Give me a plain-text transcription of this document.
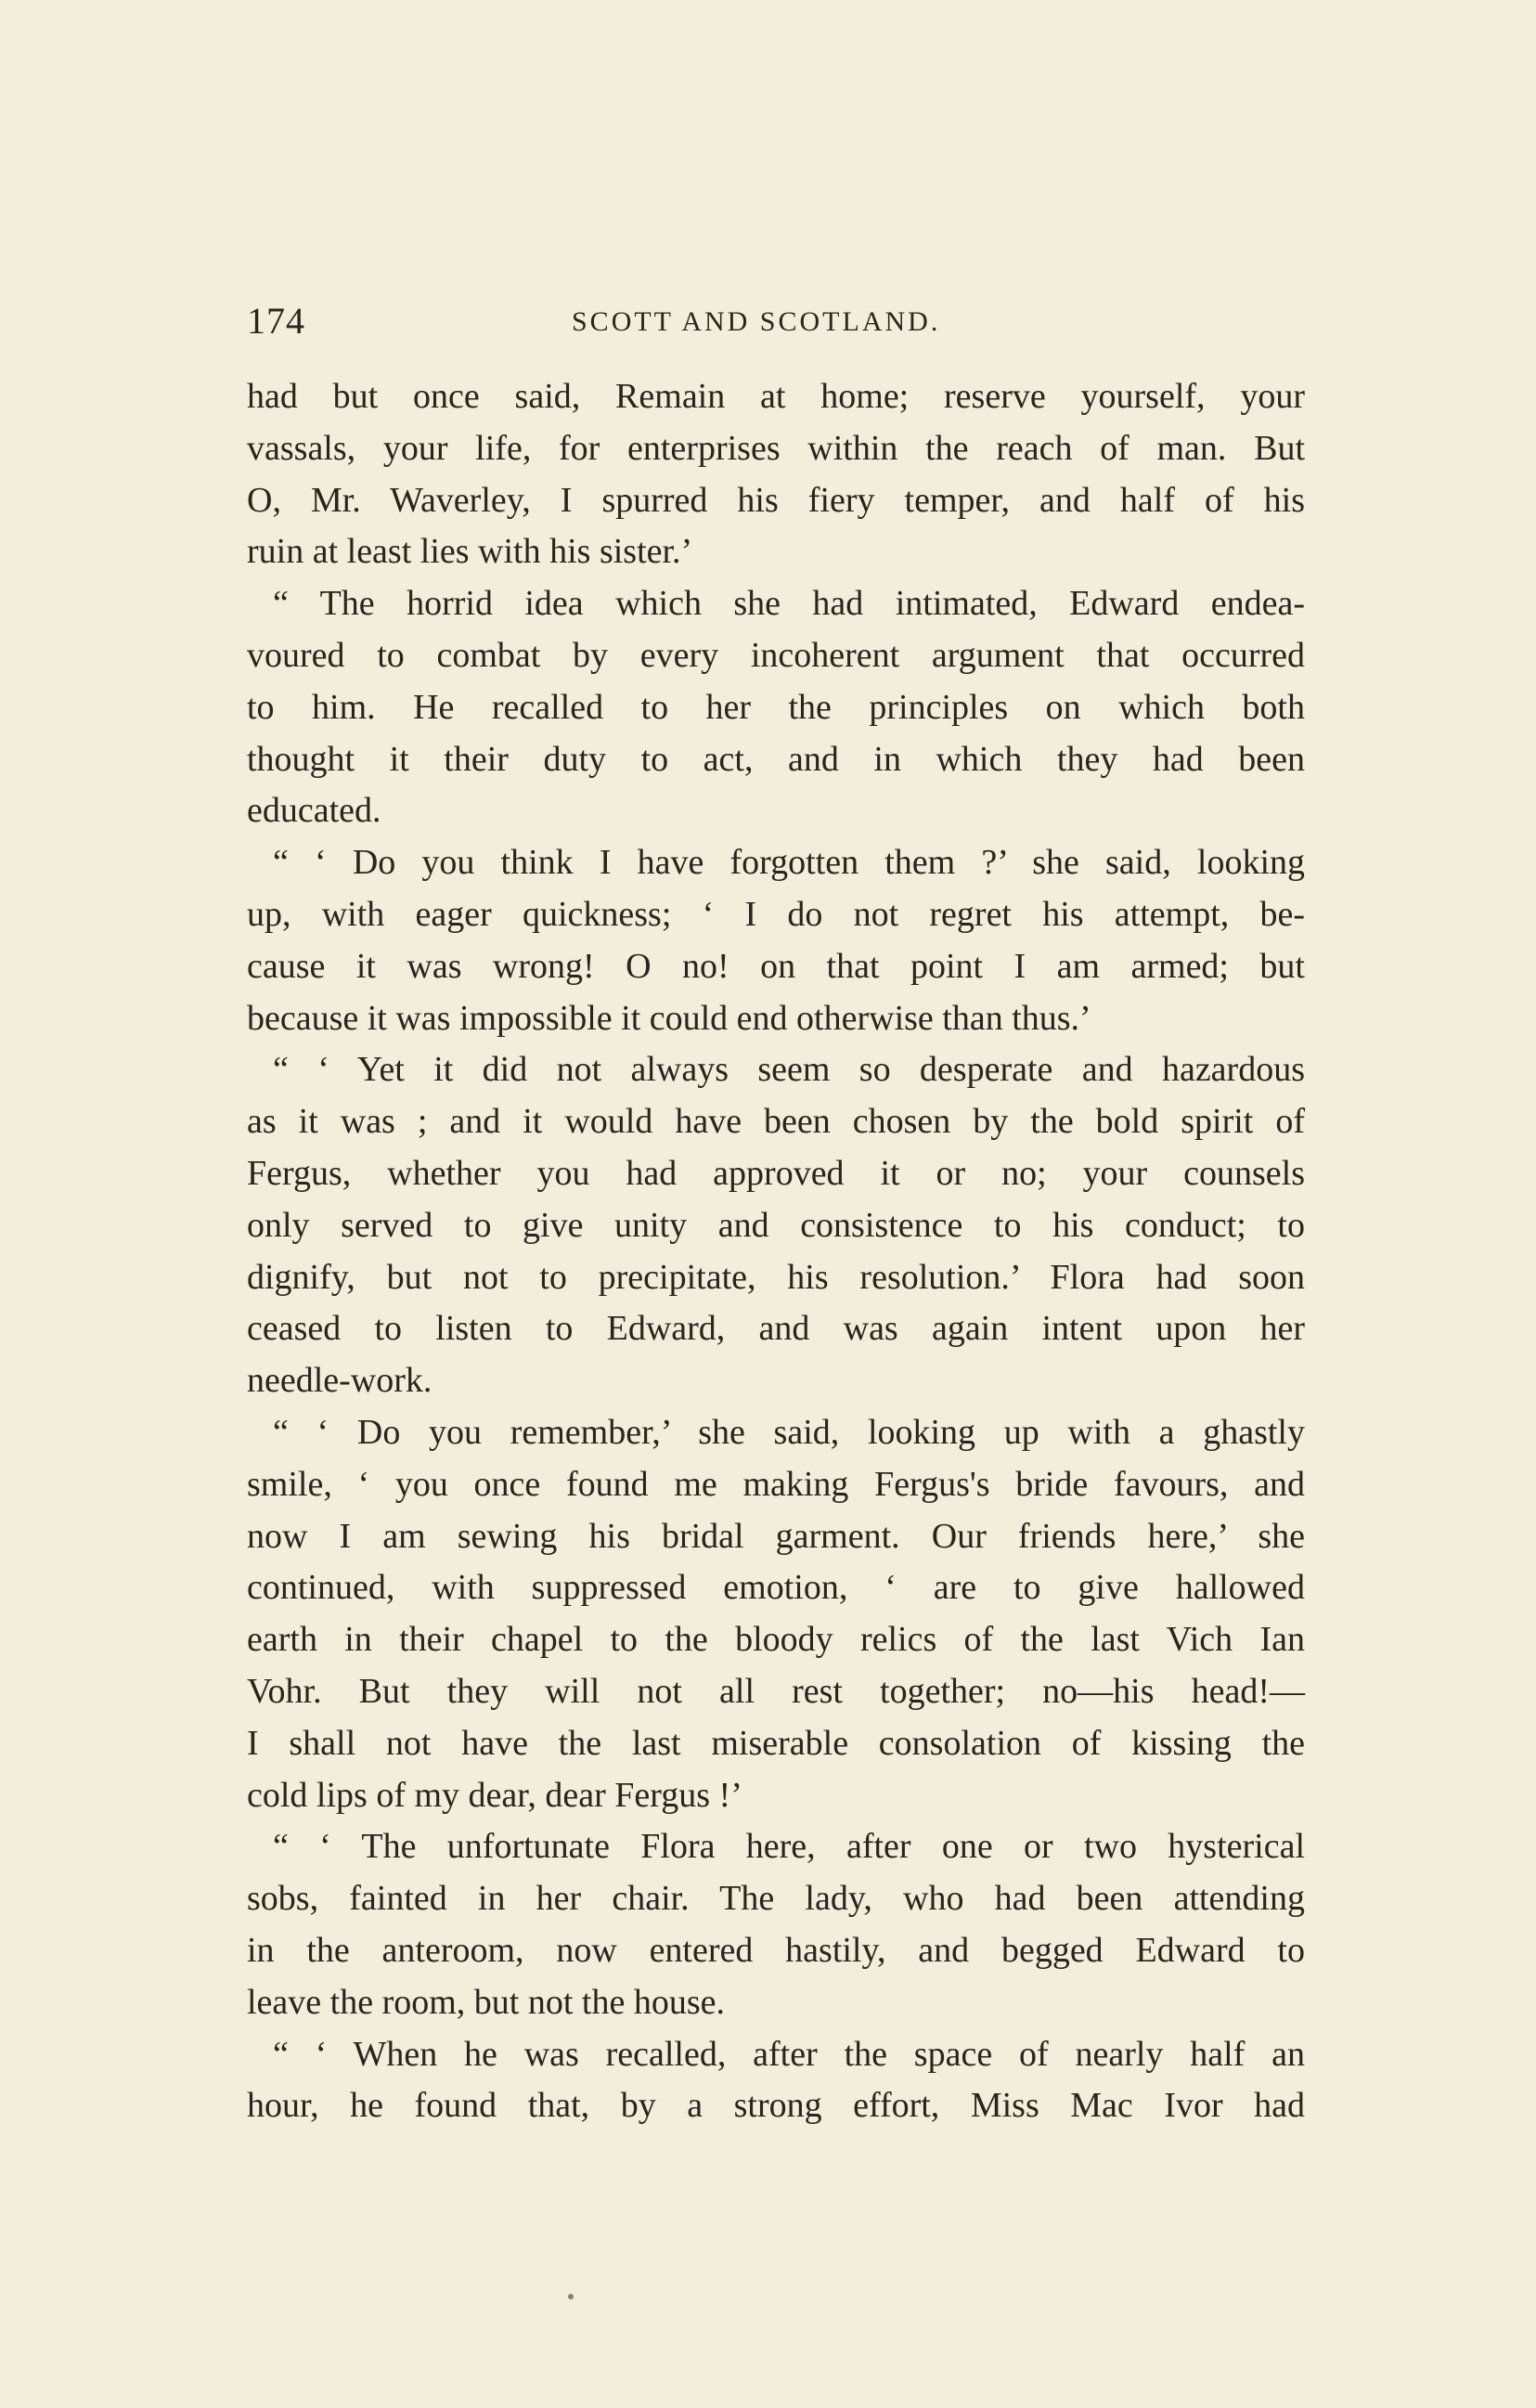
174	SCOTT AND SCOTLAND.
had but once said, Remain at home; reserve yourself, your
vassals, your life, for enterprises within the reach of man. But
O, Mr. Waverley, I spurred his fiery temper, and half of his
ruin at least lies with his sister.’
“ The horrid idea which she had intimated, Edward endea-
voured to combat by every incoherent argument that occurred
to him. He recalled to her the principles on which both
thought it their duty to act, and in which they had been
educated.
“ ‘ Do you think I have forgotten them ?’ she said, looking
up, with eager quickness; ‘ I do not regret his attempt, be-
cause it was wrong! O no! on that point I am armed; but
because it was impossible it could end otherwise than thus.’
“ ‘ Yet it did not always seem so desperate and hazardous
as it was ; and it would have been chosen by the bold spirit of
Fergus, whether you had approved it or no; your counsels
only served to give unity and consistence to his conduct; to
dignify, but not to precipitate, his resolution.’ Flora had soon
ceased to listen to Edward, and was again intent upon her
needle-work.
“ ‘ Do you remember,’ she said, looking up with a ghastly
smile, ‘ you once found me making Fergus's bride favours, and
now I am sewing his bridal garment. Our friends here,’ she
continued, with suppressed emotion, ‘ are to give hallowed
earth in their chapel to the bloody relics of the last Vich Ian
Vohr. But they will not all rest together; no—his head!—
I shall not have the last miserable consolation of kissing the
cold lips of my dear, dear Fergus !’
“ ‘ The unfortunate Flora here, after one or two hysterical
sobs, fainted in her chair. The lady, who had been attending
in the anteroom, now entered hastily, and begged Edward to
leave the room, but not the house.
“ ‘ When he was recalled, after the space of nearly half an
hour, he found that, by a strong effort, Miss Mac Ivor had
